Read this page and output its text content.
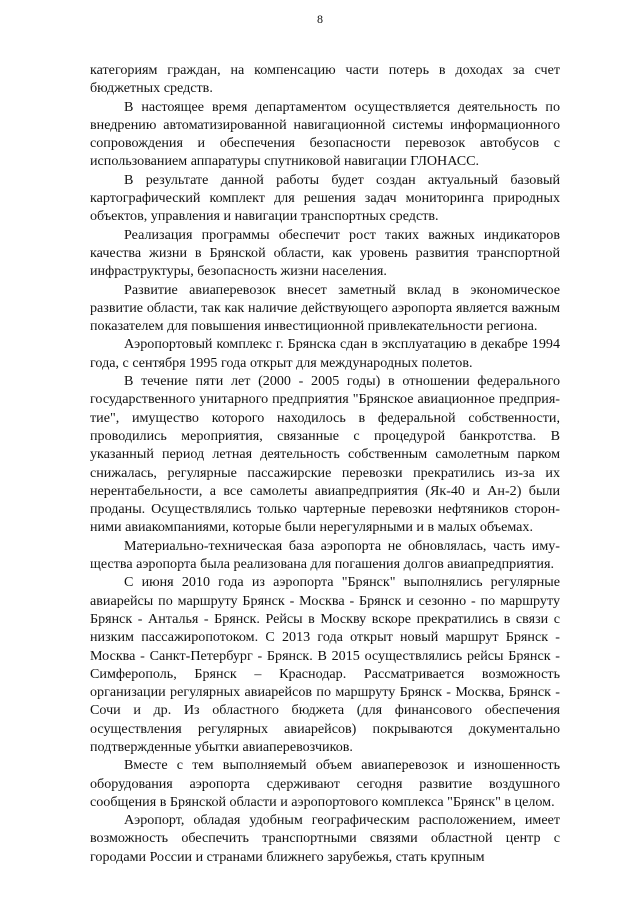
8

категориям граждан, на компенсацию части потерь в доходах за счет бюджетных средств.

В настоящее время департаментом осуществляется деятельность по внедрению автоматизированной навигационной системы информационного сопровождения и обеспечения безопасности перевозок автобусов с использованием аппаратуры спутниковой навигации ГЛОНАСС.

В результате данной работы будет создан актуальный базовый картографический комплект для решения задач мониторинга природных объектов, управления и навигации транспортных средств.

Реализация программы обеспечит рост таких важных индикаторов качества жизни в Брянской области, как уровень развития транспортной инфраструктуры, безопасность жизни населения.

Развитие авиаперевозок внесет заметный вклад в экономическое развитие области, так как наличие действующего аэропорта является важным показателем для повышения инвестиционной привлекательности региона.

Аэропортовый комплекс г. Брянска сдан в эксплуатацию в декабре 1994 года, с сентября 1995 года открыт для международных полетов.

В течение пяти лет (2000 - 2005 годы) в отношении федерального государственного унитарного предприятия "Брянское авиационное предприятие", имущество которого находилось в федеральной собственности, проводились мероприятия, связанные с процедурой банкротства. В указанный период летная деятельность собственным самолетным парком снижалась, регулярные пассажирские перевозки прекратились из-за их нерентабельности, а все самолеты авиапредприятия (Як-40 и Ан-2) были проданы. Осуществлялись только чартерные перевозки нефтяников сторонними авиакомпаниями, которые были нерегулярными и в малых объемах.

Материально-техническая база аэропорта не обновлялась, часть имущества аэропорта была реализована для погашения долгов авиапредприятия.

С июня 2010 года из аэропорта "Брянск" выполнялись регулярные авиарейсы по маршруту Брянск - Москва - Брянск и сезонно - по маршруту Брянск - Анталья - Брянск. Рейсы в Москву вскоре прекратились в связи с низким пассажиропотоком. С 2013 года открыт новый маршрут Брянск - Москва - Санкт-Петербург - Брянск. В 2015 осуществлялись рейсы Брянск - Симферополь, Брянск – Краснодар. Рассматривается возможность организации регулярных авиарейсов по маршруту Брянск - Москва, Брянск - Сочи и др. Из областного бюджета (для финансового обеспечения осуществления регулярных авиарейсов) покрываются документально подтвержденные убытки авиаперевозчиков.

Вместе с тем выполняемый объем авиаперевозок и изношенность оборудования аэропорта сдерживают сегодня развитие воздушного сообщения в Брянской области и аэропортового комплекса "Брянск" в целом.

Аэропорт, обладая удобным географическим расположением, имеет возможность обеспечить транспортными связями областной центр с городами России и странами ближнего зарубежья, стать крупным
